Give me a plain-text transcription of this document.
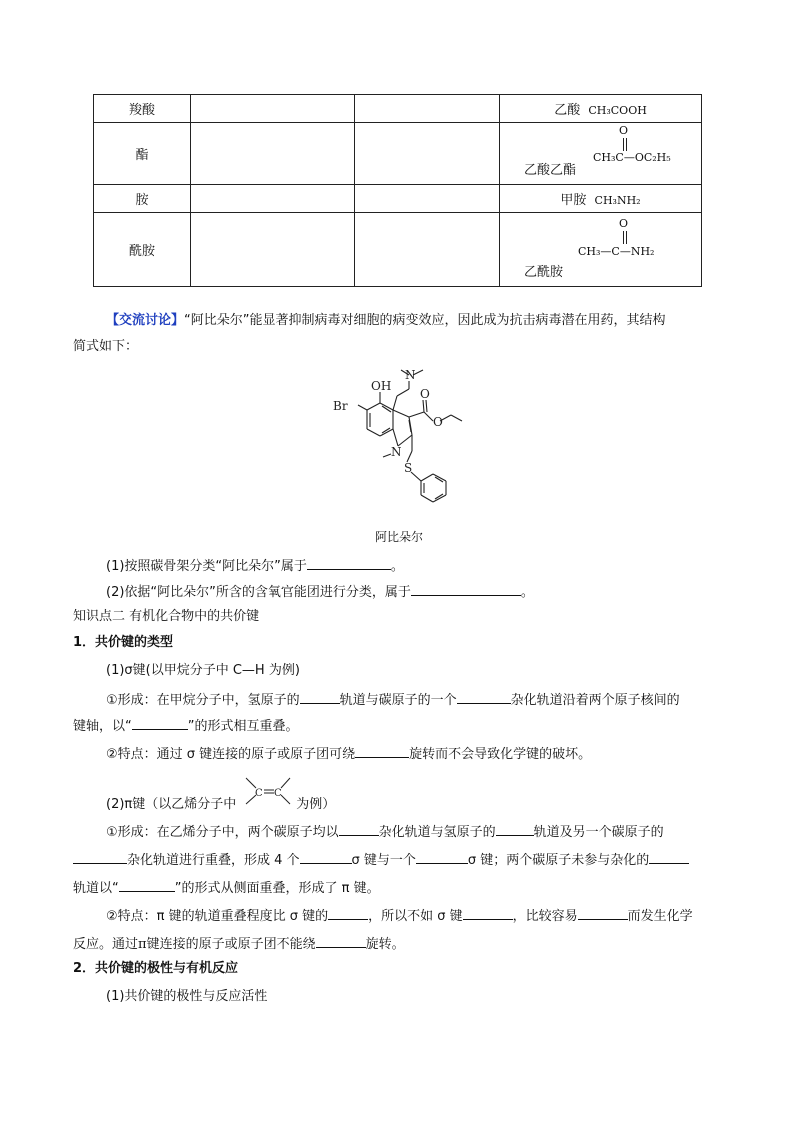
羧酸			乙酸 CH₃COOH
酯			乙酸乙酯
O
CH₃C—OC₂H₅

胺			甲胺 CH₃NH₂
酰胺			乙酰胺
O
CH₃—C—NH₂
【交流讨论】“阿比朵尔”能显著抑制病毒对细胞的病变效应，因此成为抗击病毒潜在用药，其结构
简式如下：
OH
Br
N
S
N
O
O
阿比朵尔
(1)按照碳骨架分类“阿比朵尔”属于	。
(2)依据“阿比朵尔”所含的含氧官能团进行分类，属于	。
知识点二 有机化合物中的共价键
1．共价键的类型
(1)σ键(以甲烷分子中 C—H 为例)
①形成：在甲烷分子中，氢原子的	轨道与碳原子的一个	杂化轨道沿着两个原子核间的
键轴，以“	”的形式相互重叠。
②特点：通过 σ 键连接的原子或原子团可绕	旋转而不会导致化学键的破坏。
(2)π键（以乙烯分子中	为例）
C C
①形成：在乙烯分子中，两个碳原子均以	杂化轨道与氢原子的	轨道及另一个碳原子的
杂化轨道进行重叠，形成 4 个	σ 键与一个	σ 键；两个碳原子未参与杂化的
轨道以“	”的形式从侧面重叠，形成了 π 键。
②特点：π 键的轨道重叠程度比 σ 键的	，所以不如 σ 键	，比较容易	而发生化学
反应。通过π键连接的原子或原子团不能绕	旋转。
2．共价键的极性与有机反应
(1)共价键的极性与反应活性
